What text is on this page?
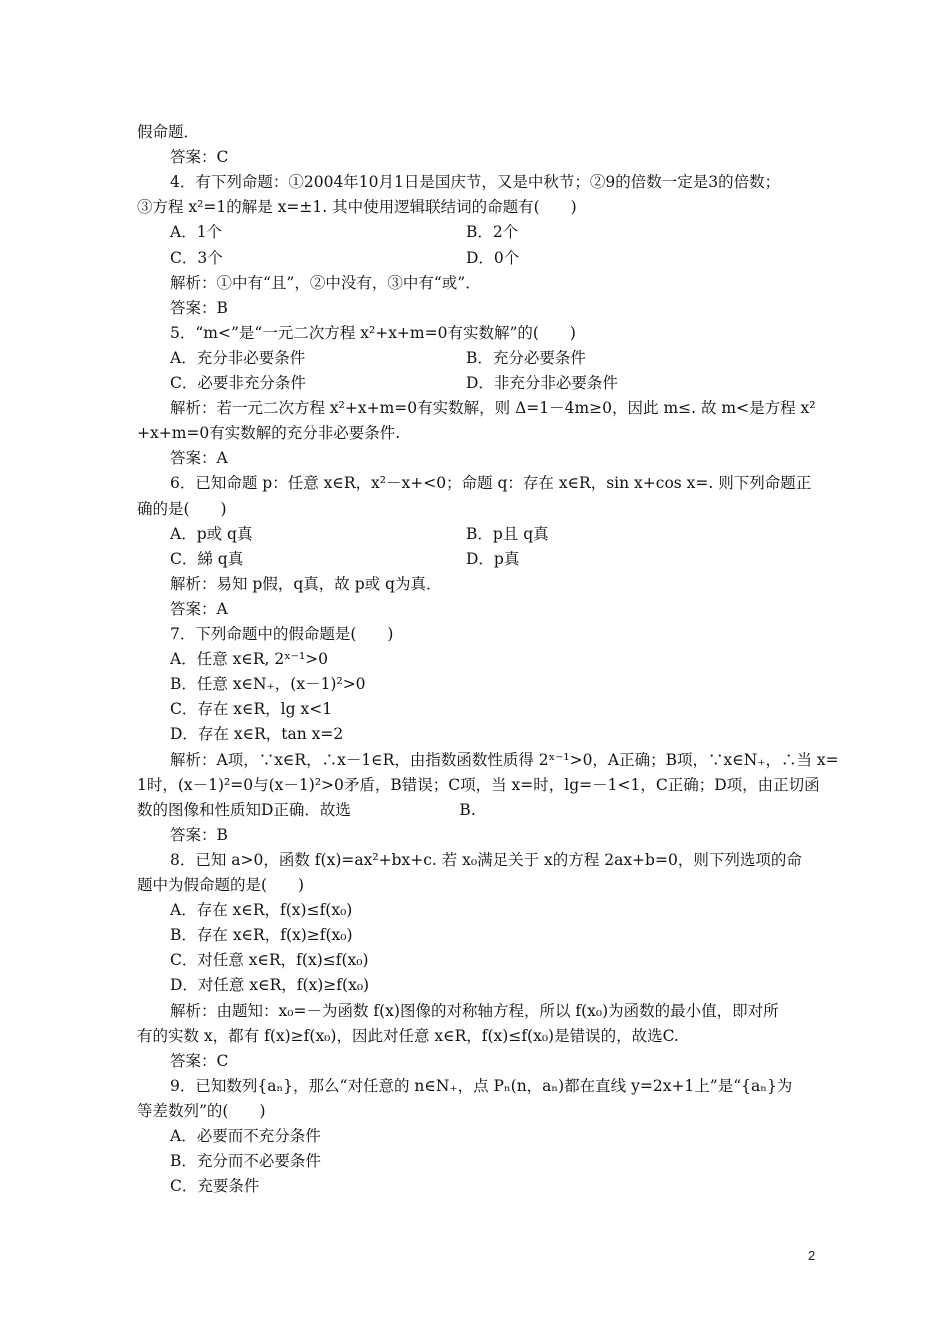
假命题．
答案：C
4．有下列命题：①2004年10月1日是国庆节，又是中秋节；②9的倍数一定是3的倍数；
③方程 x²=1的解是 x=±1. 其中使用逻辑联结词的命题有(　　)
A．1个	B．2个
C．3个	D．0个
解析：①中有“且”，②中没有，③中有“或”．
答案：B
5．“m<”是“一元二次方程 x²+x+m=0有实数解”的(　　)
A．充分非必要条件	B．充分必要条件
C．必要非充分条件	D．非充分非必要条件
解析：若一元二次方程 x²+x+m=0有实数解，则 Δ=1－4m≥0，因此 m≤. 故 m<是方程 x²
+x+m=0有实数解的充分非必要条件.
答案：A
6．已知命题 p：任意 x∈R，x²－x+<0；命题 q：存在 x∈R，sin x+cos x=. 则下列命题正
确的是(　　)
A．p或 q真	B．p且 q真
C．綈 q真	D．p真
解析：易知 p假，q真，故 p或 q为真．
答案：A
7．下列命题中的假命题是(　　)
A．任意 x∈R, 2ˣ⁻¹>0
B．任意 x∈N₊，(x－1)²>0
C．存在 x∈R，lg x<1
D．存在 x∈R，tan x=2
解析：A项，∵x∈R，∴x－1∈R，由指数函数性质得 2ˣ⁻¹>0，A正确；B项，∵x∈N₊，∴当 x=
1时，(x－1)²=0与(x－1)²>0矛盾，B错误；C项，当 x=时，lg=－1<1，C正确；D项，由正切函
数的图像和性质知D正确．故选　　　　　　　B.
答案：B
8．已知 a>0，函数 f(x)=ax²+bx+c. 若 x₀满足关于 x的方程 2ax+b=0，则下列选项的命
题中为假命题的是(　　)
A．存在 x∈R，f(x)≤f(x₀)
B．存在 x∈R，f(x)≥f(x₀)
C．对任意 x∈R，f(x)≤f(x₀)
D．对任意 x∈R，f(x)≥f(x₀)
解析：由题知：x₀=－为函数 f(x)图像的对称轴方程，所以 f(x₀)为函数的最小值，即对所
有的实数 x，都有 f(x)≥f(x₀)，因此对任意 x∈R，f(x)≤f(x₀)是错误的，故选C.
答案：C
9．已知数列{aₙ}，那么“对任意的 n∈N₊，点 Pₙ(n，aₙ)都在直线 y=2x+1上”是“{aₙ}为
等差数列”的(　　)
A．必要而不充分条件
B．充分而不必要条件
C．充要条件
2
